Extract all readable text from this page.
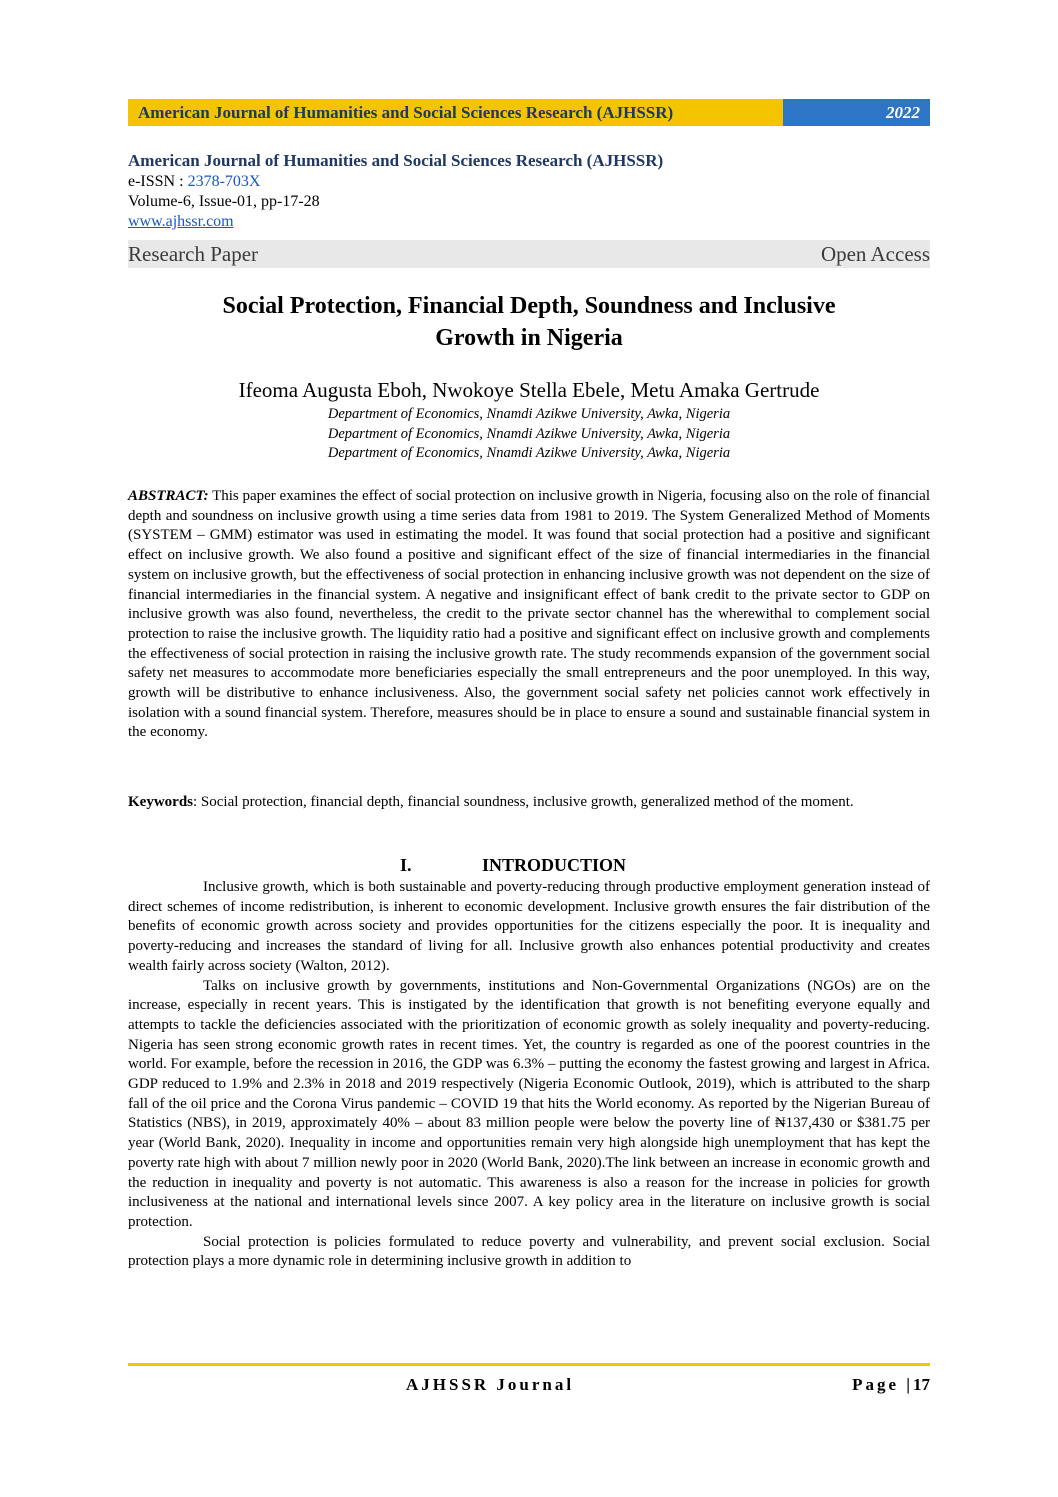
American Journal of Humanities and Social Sciences Research (AJHSSR)	2022
American Journal of Humanities and Social Sciences Research (AJHSSR)
e-ISSN : 2378-703X
Volume-6, Issue-01, pp-17-28
www.ajhssr.com
Research Paper	Open Access
Social Protection, Financial Depth, Soundness and Inclusive
Growth in Nigeria
Ifeoma Augusta Eboh, Nwokoye Stella Ebele, Metu Amaka Gertrude
Department of Economics, Nnamdi Azikwe University, Awka, Nigeria
Department of Economics, Nnamdi Azikwe University, Awka, Nigeria
Department of Economics, Nnamdi Azikwe University, Awka, Nigeria
ABSTRACT: This paper examines the effect of social protection on inclusive growth in Nigeria, focusing also on the role of financial depth and soundness on inclusive growth using a time series data from 1981 to 2019. The System Generalized Method of Moments (SYSTEM – GMM) estimator was used in estimating the model. It was found that social protection had a positive and significant effect on inclusive growth. We also found a positive and significant effect of the size of financial intermediaries in the financial system on inclusive growth, but the effectiveness of social protection in enhancing inclusive growth was not dependent on the size of financial intermediaries in the financial system. A negative and insignificant effect of bank credit to the private sector to GDP on inclusive growth was also found, nevertheless, the credit to the private sector channel has the wherewithal to complement social protection to raise the inclusive growth. The liquidity ratio had a positive and significant effect on inclusive growth and complements the effectiveness of social protection in raising the inclusive growth rate. The study recommends expansion of the government social safety net measures to accommodate more beneficiaries especially the small entrepreneurs and the poor unemployed. In this way, growth will be distributive to enhance inclusiveness. Also, the government social safety net policies cannot work effectively in isolation with a sound financial system. Therefore, measures should be in place to ensure a sound and sustainable financial system in the economy.
Keywords: Social protection, financial depth, financial soundness, inclusive growth, generalized method of the moment.
I.	INTRODUCTION

Inclusive growth, which is both sustainable and poverty-reducing through productive employment generation instead of direct schemes of income redistribution, is inherent to economic development. Inclusive growth ensures the fair distribution of the benefits of economic growth across society and provides opportunities for the citizens especially the poor. It is inequality and poverty-reducing and increases the standard of living for all. Inclusive growth also enhances potential productivity and creates wealth fairly across society (Walton, 2012).

Talks on inclusive growth by governments, institutions and Non-Governmental Organizations (NGOs) are on the increase, especially in recent years. This is instigated by the identification that growth is not benefiting everyone equally and attempts to tackle the deficiencies associated with the prioritization of economic growth as solely inequality and poverty-reducing. Nigeria has seen strong economic growth rates in recent times. Yet, the country is regarded as one of the poorest countries in the world. For example, before the recession in 2016, the GDP was 6.3% – putting the economy the fastest growing and largest in Africa. GDP reduced to 1.9% and 2.3% in 2018 and 2019 respectively (Nigeria Economic Outlook, 2019), which is attributed to the sharp fall of the oil price and the Corona Virus pandemic – COVID 19 that hits the World economy. As reported by the Nigerian Bureau of Statistics (NBS), in 2019, approximately 40% – about 83 million people were below the poverty line of ₦137,430 or $381.75 per year (World Bank, 2020). Inequality in income and opportunities remain very high alongside high unemployment that has kept the poverty rate high with about 7 million newly poor in 2020 (World Bank, 2020).The link between an increase in economic growth and the reduction in inequality and poverty is not automatic. This awareness is also a reason for the increase in policies for growth inclusiveness at the national and international levels since 2007. A key policy area in the literature on inclusive growth is social protection.

Social protection is policies formulated to reduce poverty and vulnerability, and prevent social exclusion. Social protection plays a more dynamic role in determining inclusive growth in addition to

AJHSSR Journal	Page |17
